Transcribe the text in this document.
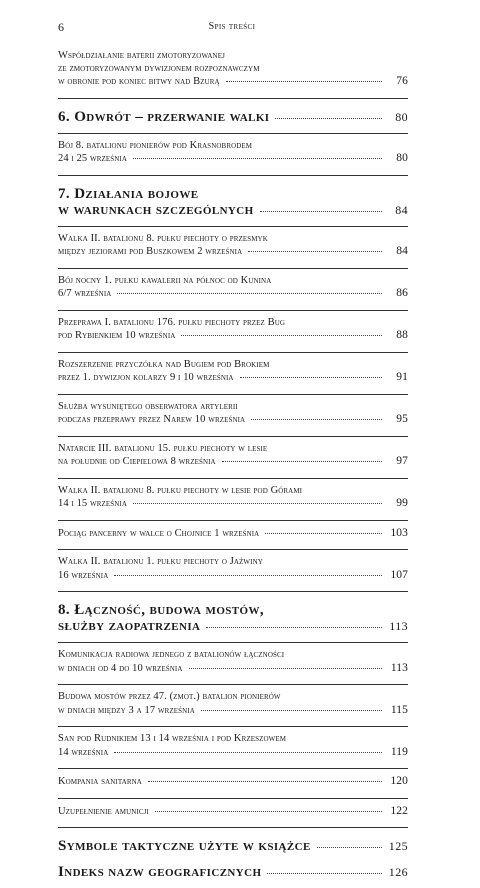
6	Spis treści
Współdziałanie baterii zmotoryzowanej
ze zmotoryzowanym dywizjonem rozpoznawczym
w obronie pod koniec bitwy nad Bzurą	76
6. Odwrót – przerwanie walki	80
Bój 8. batalionu pionierów pod Krasnobrodem
24 i 25 września	80
7. Działania bojowe
w warunkach szczególnych	84
Walka II. batalionu 8. pułku piechoty o przesmyk
między jeziorami pod Buszkowem 2 września	84
Bój nocny 1. pułku kawalerii na północ od Kunina
6/7 września	86
Przeprawa I. batalionu 176. pułku piechoty przez Bug
pod Rybienkiem 10 września	88
Rozszerzenie przyczółka nad Bugiem pod Brokiem
przez 1. dywizjon kolarzy 9 i 10 września	91
Służba wysuniętego obserwatora artylerii
podczas przeprawy przez Narew 10 września	95
Natarcie III. batalionu 15. pułku piechoty w lesie
na południe od Ciepielowa 8 września	97
Walka II. batalionu 8. pułku piechoty w lesie pod Górami
14 i 15 września	99
Pociąg pancerny w walce o Chojnice 1 września	103
Walka II. batalionu 1. pułku piechoty o Jaźwiny
16 września	107
8. Łączność, budowa mostów,
służby zaopatrzenia	113
Komunikacja radiowa jednego z batalionów łączności
w dniach od 4 do 10 września	113
Budowa mostów przez 47. (zmot.) batalion pionierów
w dniach między 3 a 17 września	115
San pod Rudnikiem 13 i 14 września i pod Krzeszowem
14 września	119
Kompania sanitarna	120
Uzupełnienie amunicji	122
Symbole taktyczne użyte w książce	125
Indeks nazw geograficznych	126
